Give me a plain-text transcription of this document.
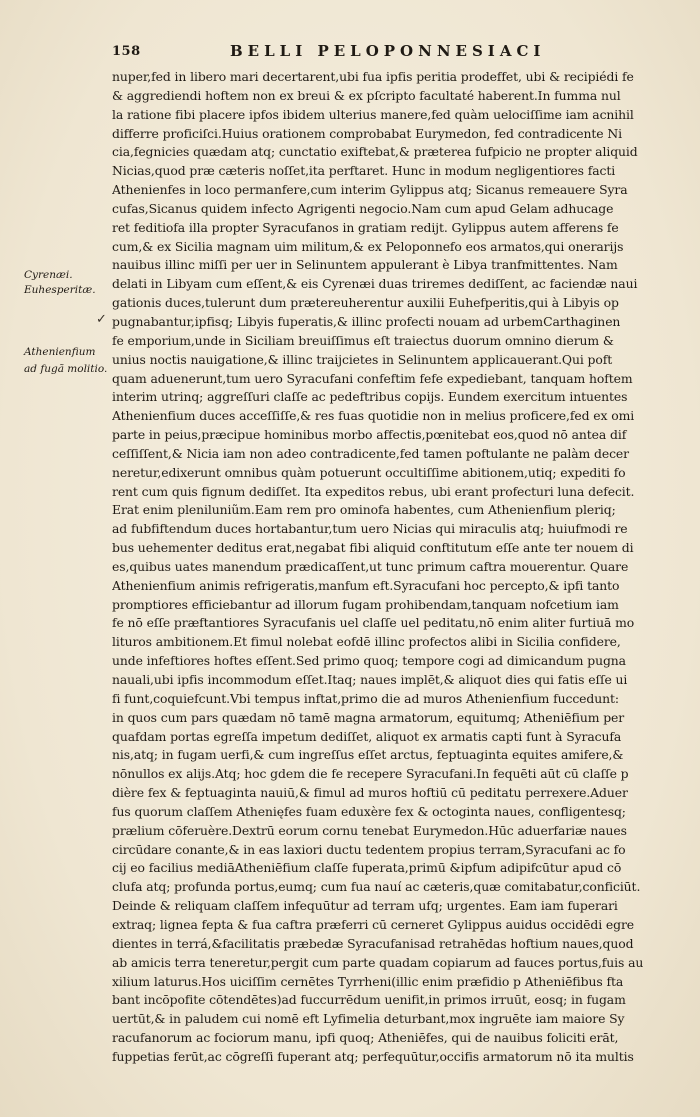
158	BELLI PELOPONNESIACI
Cyrenæi.
Euhesperitæ.
Athenienfium
ad fugã molitio.
✓
nuper,fed in libero mari decertarent,ubi fua ipfis peritia prodeffet, ubi & recipiédi fe
& aggrediendi hoftem non ex breui & ex pſcripto facultaté haberent.In fumma nul
la ratione fibi placere ipfos ibidem ulterius manere,fed quàm uelociſſime iam acnihil
differre proficiſci.Huius orationem comprobabat Eurymedon, fed contradicente Ni
cia,fegnicies quædam atq; cunctatio exiftebat,& præterea fufpicio ne propter aliquid
Nicias,quod præ cæteris noſſet,ita perftaret. Hunc in modum negligentiores facti
Athenienfes in loco permanfere,cum interim Gylippus atq; Sicanus remeauere Syra
cufas,Sicanus quidem infecto Agrigenti negocio.Nam cum apud Gelam adhucage
ret feditiofa illa propter Syracufanos in gratiam redijt. Gylippus autem afferens fe
cum,& ex Sicilia magnam uim militum,& ex Peloponnefo eos armatos,qui onerarijs
nauibus illinc miſſi per uer in Selinuntem appulerant è Libya tranfmittentes. Nam
delati in Libyam cum eſſent,& eis Cyrenæi duas triremes dediſſent, ac faciendæ naui
gationis duces,tulerunt dum prætereuherentur auxilii Euhefperitis,qui à Libyis op
pugnabantur,ipfisq; Libyis fuperatis,& illinc profecti nouam ad urbemCarthaginen
fe emporium,unde in Siciliam breuiſſimus eſt traiectus duorum omnino dierum &
unius noctis nauigatione,& illinc traijcietes in Selinuntem applicauerant.Qui poft
quam aduenerunt,tum uero Syracufani confeftim fefe expediebant, tanquam hoftem
interim utrinq; aggreſſuri claſſe ac pedeftribus copijs. Eundem exercitum intuentes
Athenienfium duces acceſſiſſe,& res fuas quotidie non in melius proficere,fed ex omi
parte in peius,præcipue hominibus morbo affectis,pœnitebat eos,quod nō antea dif
ceſſiſſent,& Nicia iam non adeo contradicente,fed tamen poftulante ne palàm decer
neretur,edixerunt omnibus quàm potuerunt occultiſſime abitionem,utiq; expediti fo
rent cum quis fignum dediſſet. Ita expeditos rebus, ubi erant profecturi luna defecit.
Erat enim pleniluniũm.Eam rem pro ominofa habentes, cum Athenienfium pleriq;
ad fubfiftendum duces hortabantur,tum uero Nicias qui miraculis atq; huiufmodi re
bus uehementer deditus erat,negabat fibi aliquid conftitutum eſſe ante ter nouem di
es,quibus uates manendum prædicaſſent,ut tunc primum caftra mouerentur. Quare
Athenienfium animis refrigeratis,manfum eft.Syracufani hoc percepto,& ipfi tanto
promptiores efficiebantur ad illorum fugam prohibendam,tanquam nofcetium iam
fe nō eſſe præftantiores Syracufanis uel claſſe uel peditatu,nō enim aliter furtiuā mo
lituros ambitionem.Et fimul nolebat eofdē illinc profectos alibi in Sicilia confidere,
unde infeftiores hoftes eſſent.Sed primo quoq; tempore cogi ad dimicandum pugna
nauali,ubi ipfis incommodum eſſet.Itaq; naues implēt,& aliquot dies qui fatis eſſe ui
fi funt,coquiefcunt.Vbi tempus inftat,primo die ad muros Athenienfium fuccedunt:
in quos cum pars quædam nō tamē magna armatorum, equitumq; Atheniēfium per
quafdam portas egreſſa impetum dediſſet, aliquot ex armatis capti funt à Syracufa
nis,atq; in fugam uerfi,& cum ingreſſus eſſet arctus, feptuaginta equites amifere,&
nōnullos ex alijs.Atq; hoc gdem die fe recepere Syracufani.In fequēti aūt cū claſſe p
dière fex & feptuaginta nauiū,& fimul ad muros hoftiū cū peditatu perrexere.Aduer
fus quorum claſſem Athenięfes fuam eduxère fex & octoginta naues, confligentesq;
prælium cōferuère.Dextrū eorum cornu tenebat Eurymedon.Hūc aduerfariæ naues
circūdare conante,& in eas laxiori ductu tedentem propius terram,Syracufani ac fo
cij eo facilius mediāAtheniēfium claſſe fuperata,primū &ipfum adipifcūtur apud cō
clufa atq; profunda portus,eumq; cum fua nauí ac cæteris,quæ comitabatur,conficiūt.
Deinde & reliquam claſſem infequūtur ad terram ufq; urgentes. Eam iam fuperari
extraq; lignea fepta & fua caftra præferri cū cerneret Gylippus auidus occidēdi egre
dientes in terrá,&facilitatis præbedæ Syracufanisad retrahēdas hoftium naues,quod
ab amicis terra teneretur,pergit cum parte quadam copiarum ad fauces portus,fuis au
xilium laturus.Hos uiciſſim cernētes Tyrrheni(illic enim præfidio p Atheniēfibus fta
bant incōpofite cōtendētes)ad fuccurrēdum uenifit,in primos irruūt, eosq; in fugam
uertūt,& in paludem cui nomē eft Lyfimelia deturbant,mox ingruēte iam maiore Sy
racufanorum ac fociorum manu, ipfi quoq; Atheniēfes, qui de nauibus foliciti erāt,
fuppetias ferūt,ac cōgreſſi fuperant atq; perfequūtur,occifis armatorum nō ita multis
